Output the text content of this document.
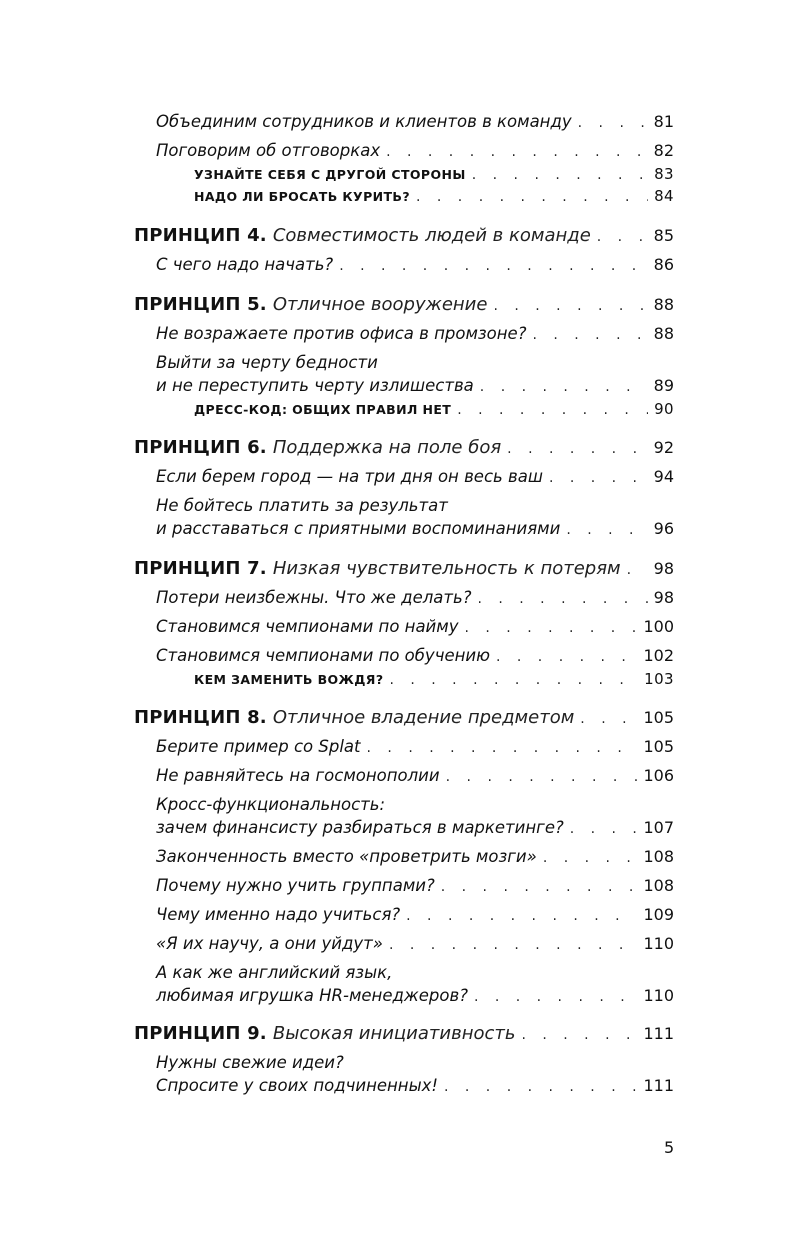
Объединим сотрудников и клиентов в команду . . .	81
Поговорим об отговорках . . .	82
УЗНАЙТЕ СЕБЯ С ДРУГОЙ СТОРОНЫ . . .	83
НАДО ЛИ БРОСАТЬ КУРИТЬ? . . .	84
ПРИНЦИП 4. Совместимость людей в команде . . .	85
С чего надо начать? . . .	86
ПРИНЦИП 5. Отличное вооружение . . .	88
Не возражаете против офиса в промзоне? . . .	88
Выйти за черту бедности
и не переступить черту излишества . . .	89
ДРЕСС-КОД: ОБЩИХ ПРАВИЛ НЕТ . . .	90
ПРИНЦИП 6. Поддержка на поле боя . . .	92
Если берем город — на три дня он весь ваш . . .	94
Не бойтесь платить за результат
и расставаться с приятными воспоминаниями . . .	96
ПРИНЦИП 7. Низкая чувствительность к потерям . . . 98
Потери неизбежны. Что же делать? . . .	98
Становимся чемпионами по найму . . .	100
Становимся чемпионами по обучению . . .	102
КЕМ ЗАМЕНИТЬ ВОЖДЯ? . . .	103
ПРИНЦИП 8. Отличное владение предметом . . .	105
Берите пример со Splat . . .	105
Не равняйтесь на госмонополии . . .	106
Кросс-функциональность:
зачем финансисту разбираться в маркетинге? . . .	107
Законченность вместо «проветрить мозги» . . .	108
Почему нужно учить группами? . . .	108
Чему именно надо учиться? . . .	109
«Я их научу, а они уйдут» . . .	110
А как же английский язык,
любимая игрушка HR-менеджеров? . . .	110
ПРИНЦИП 9. Высокая инициативность . . .	111
Нужны свежие идеи?
Спросите у своих подчиненных! . . .	111
5
